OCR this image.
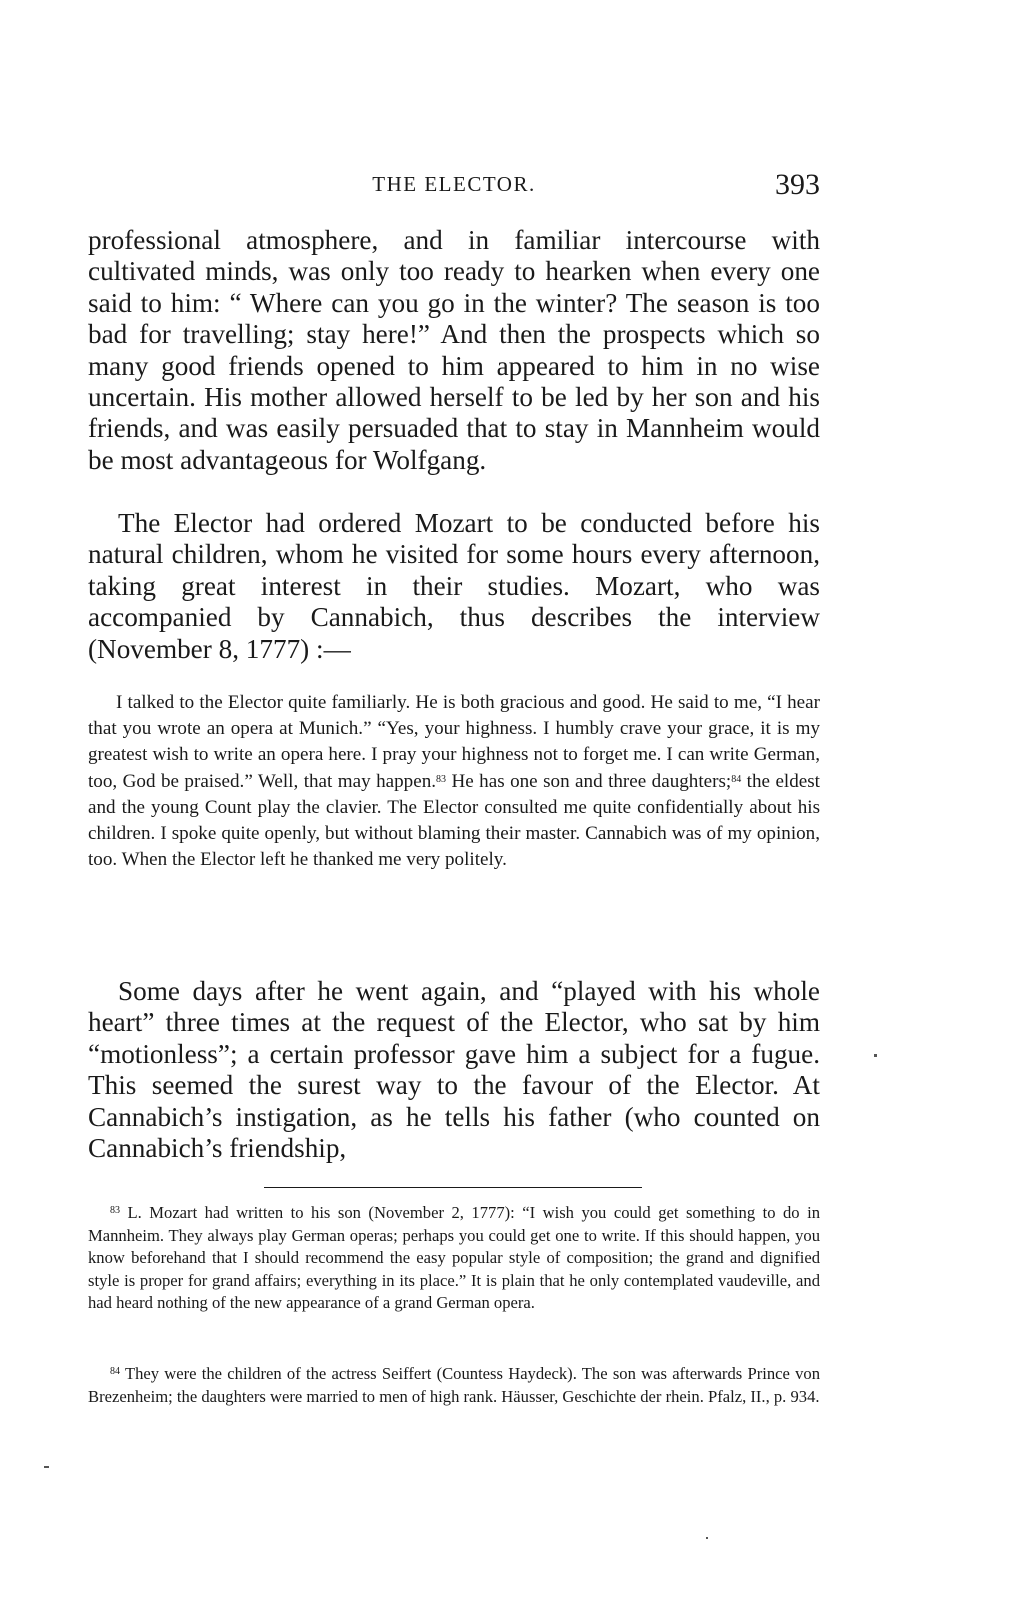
THE ELECTOR.	393

professional atmosphere, and in familiar intercourse with cultivated minds, was only too ready to hearken when every one said to him: “ Where can you go in the winter? The season is too bad for travelling; stay here!” And then the prospects which so many good friends opened to him appeared to him in no wise uncertain. His mother allowed herself to be led by her son and his friends, and was easily persuaded that to stay in Mannheim would be most advantageous for Wolfgang.

The Elector had ordered Mozart to be conducted before his natural children, whom he visited for some hours every afternoon, taking great interest in their studies. Mozart, who was accompanied by Cannabich, thus describes the interview (November 8, 1777) :—

I talked to the Elector quite familiarly. He is both gracious and good. He said to me, “I hear that you wrote an opera at Munich.” “Yes, your highness. I humbly crave your grace, it is my greatest wish to write an opera here. I pray your highness not to forget me. I can write German, too, God be praised.” Well, that may happen.$^{83}$ He has one son and three daughters;$^{84}$ the eldest and the young Count play the clavier. The Elector consulted me quite confidentially about his children. I spoke quite openly, but without blaming their master. Cannabich was of my opinion, too. When the Elector left he thanked me very politely.

Some days after he went again, and “played with his whole heart” three times at the request of the Elector, who sat by him “motionless”; a certain professor gave him a subject for a fugue. This seemed the surest way to the favour of the Elector. At Cannabich’s instigation, as he tells his father (who counted on Cannabich’s friendship,

$^{83}$ L. Mozart had written to his son (November 2, 1777): “I wish you could get something to do in Mannheim. They always play German operas; perhaps you could get one to write. If this should happen, you know beforehand that I should recommend the easy popular style of composition; the grand and dignified style is proper for grand affairs; everything in its place.” It is plain that he only contemplated vaudeville, and had heard nothing of the new appearance of a grand German opera.

$^{84}$ They were the children of the actress Seiffert (Countess Haydeck). The son was afterwards Prince von Brezenheim; the daughters were married to men of high rank. Häusser, Geschichte der rhein. Pfalz, II., p. 934.
